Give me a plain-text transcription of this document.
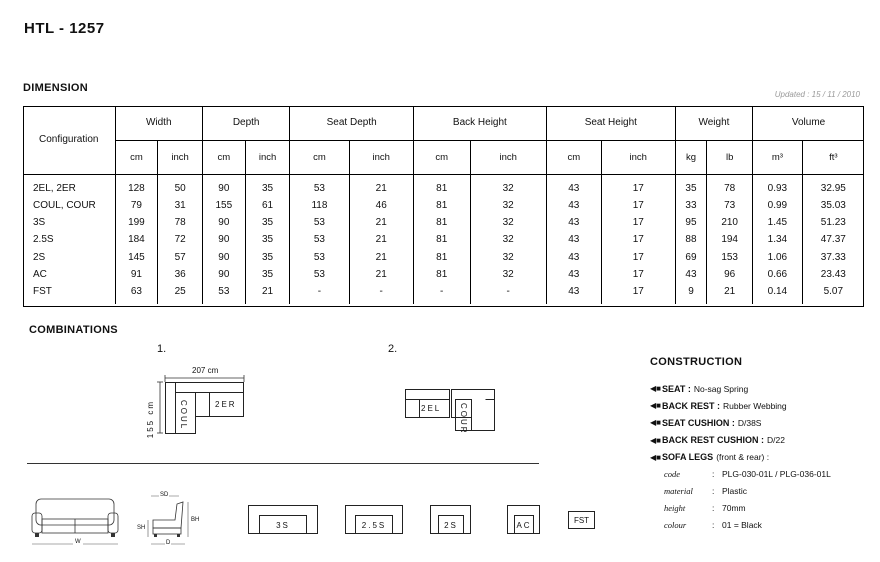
HTL - 1257
DIMENSION
Updated : 15 / 11 / 2010
Configuration	Width		Depth		Seat Depth		Back Height		Seat Height		Weight		Volume	
	cm	inch	cm	inch	cm	inch	cm	inch	cm	inch	kg	lb	m³	ft³
2EL, 2ER	128	50	90	35	53	21	81	32	43	17	35	78	0.93	32.95
COUL, COUR	79	31	155	61	118	46	81	32	43	17	33	73	0.99	35.03
3S	199	78	90	35	53	21	81	32	43	17	95	210	1.45	51.23
2.5S	184	72	90	35	53	21	81	32	43	17	88	194	1.34	47.37
2S	145	57	90	35	53	21	81	32	43	17	69	153	1.06	37.33
AC	91	36	90	35	53	21	81	32	43	17	43	96	0.66	23.43
FST	63	25	53	21	-	-	-	-	43	17	9	21	0.14	5.07
COMBINATIONS
1.
207 cm
155 cm	COUL	2ER
2.
2EL COUR
W
SD
SH
BH
D
3S	2.5S	2S	AC
FST
CONSTRUCTION
◀■ SEAT : No-sag Spring
◀■ BACK REST : Rubber Webbing
◀■ SEAT CUSHION : D/38S
◀■ BACK REST CUSHION : D/22
◀■ SOFA LEGS (front & rear) :
code	: PLG-030-01L / PLG-036-01L
material	: Plastic
height	: 70mm
colour	: 01 = Black
